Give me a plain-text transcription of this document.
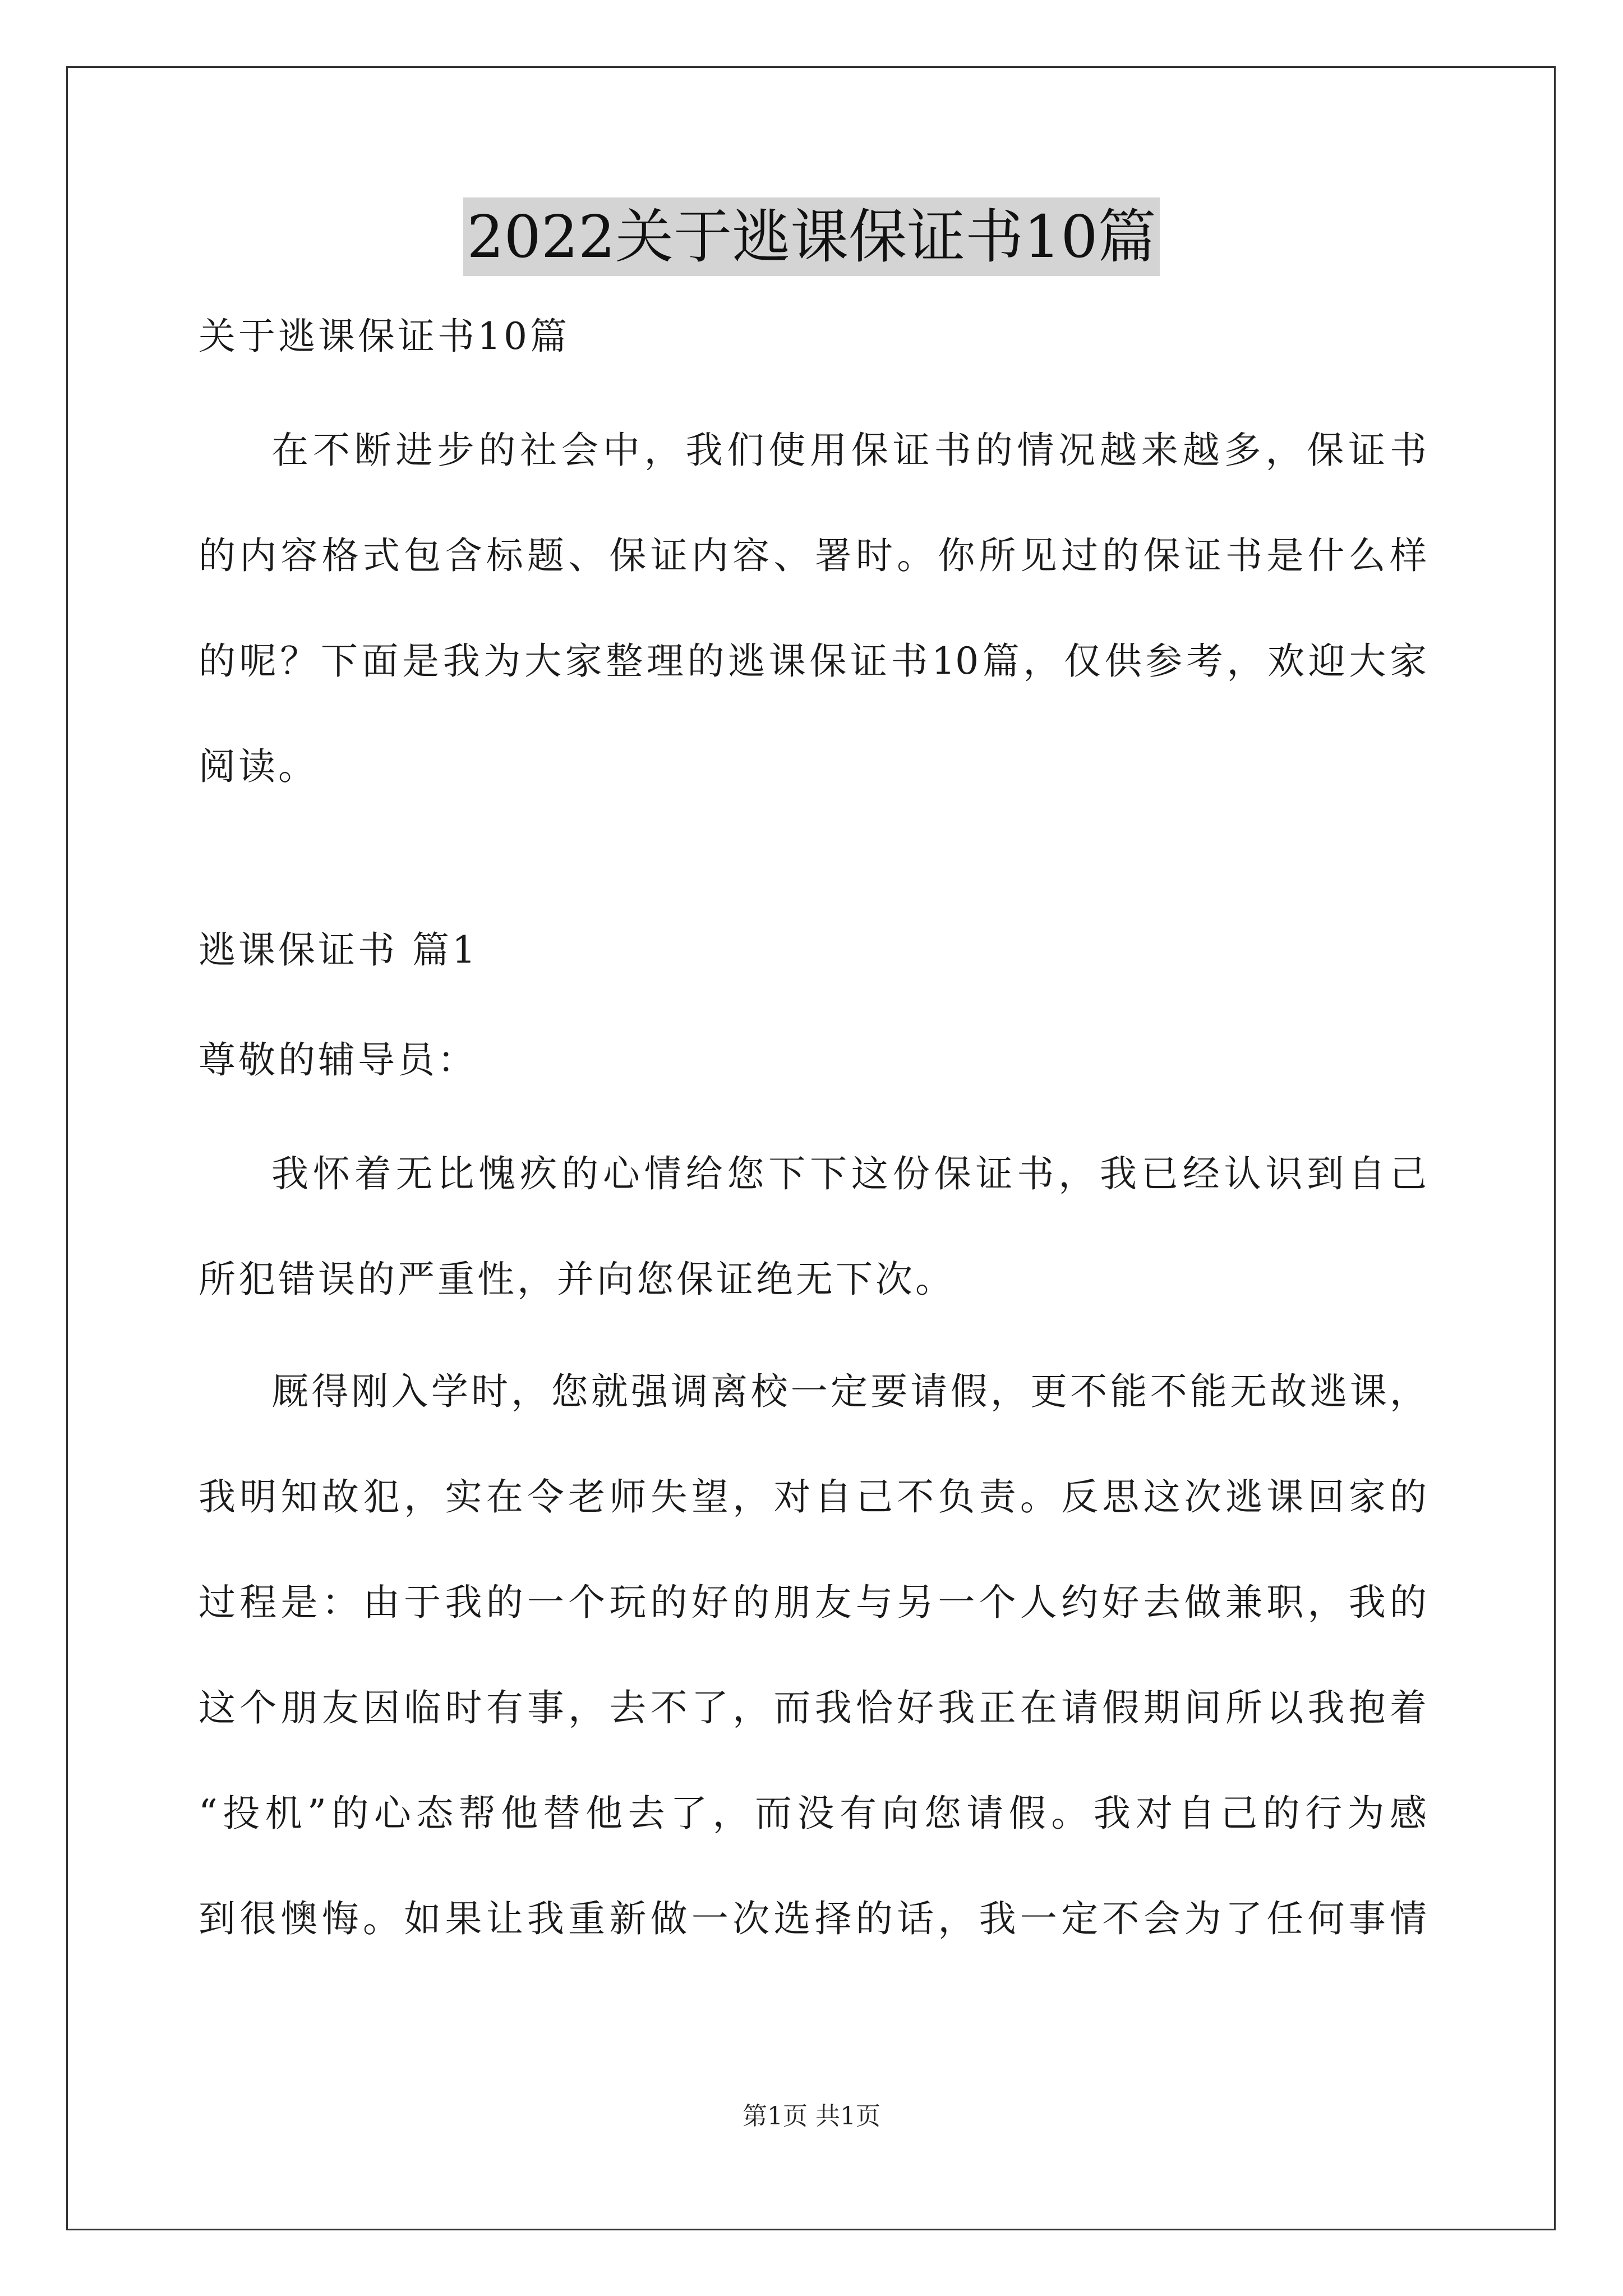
2022关于逃课保证书10篇
关于逃课保证书10篇
在不断进步的社会中，我们使用保证书的情况越来越多，保证书
的内容格式包含标题、保证内容、署时。你所见过的保证书是什么样
的呢？下面是我为大家整理的逃课保证书10篇，仅供参考，欢迎大家
阅读。
逃课保证书 篇1
尊敬的辅导员：
我怀着无比愧疚的心情给您下下这份保证书，我已经认识到自己
所犯错误的严重性，并向您保证绝无下次。
厩得刚入学时，您就强调离校一定要请假，更不能不能无故逃课，
我明知故犯，实在令老师失望，对自己不负责。反思这次逃课回家的
过程是：由于我的一个玩的好的朋友与另一个人约好去做兼职，我的
这个朋友因临时有事，去不了，而我恰好我正在请假期间所以我抱着
“投机”的心态帮他替他去了，而没有向您请假。我对自己的行为感
到很懊悔。如果让我重新做一次选择的话，我一定不会为了任何事情
第1页 共1页
